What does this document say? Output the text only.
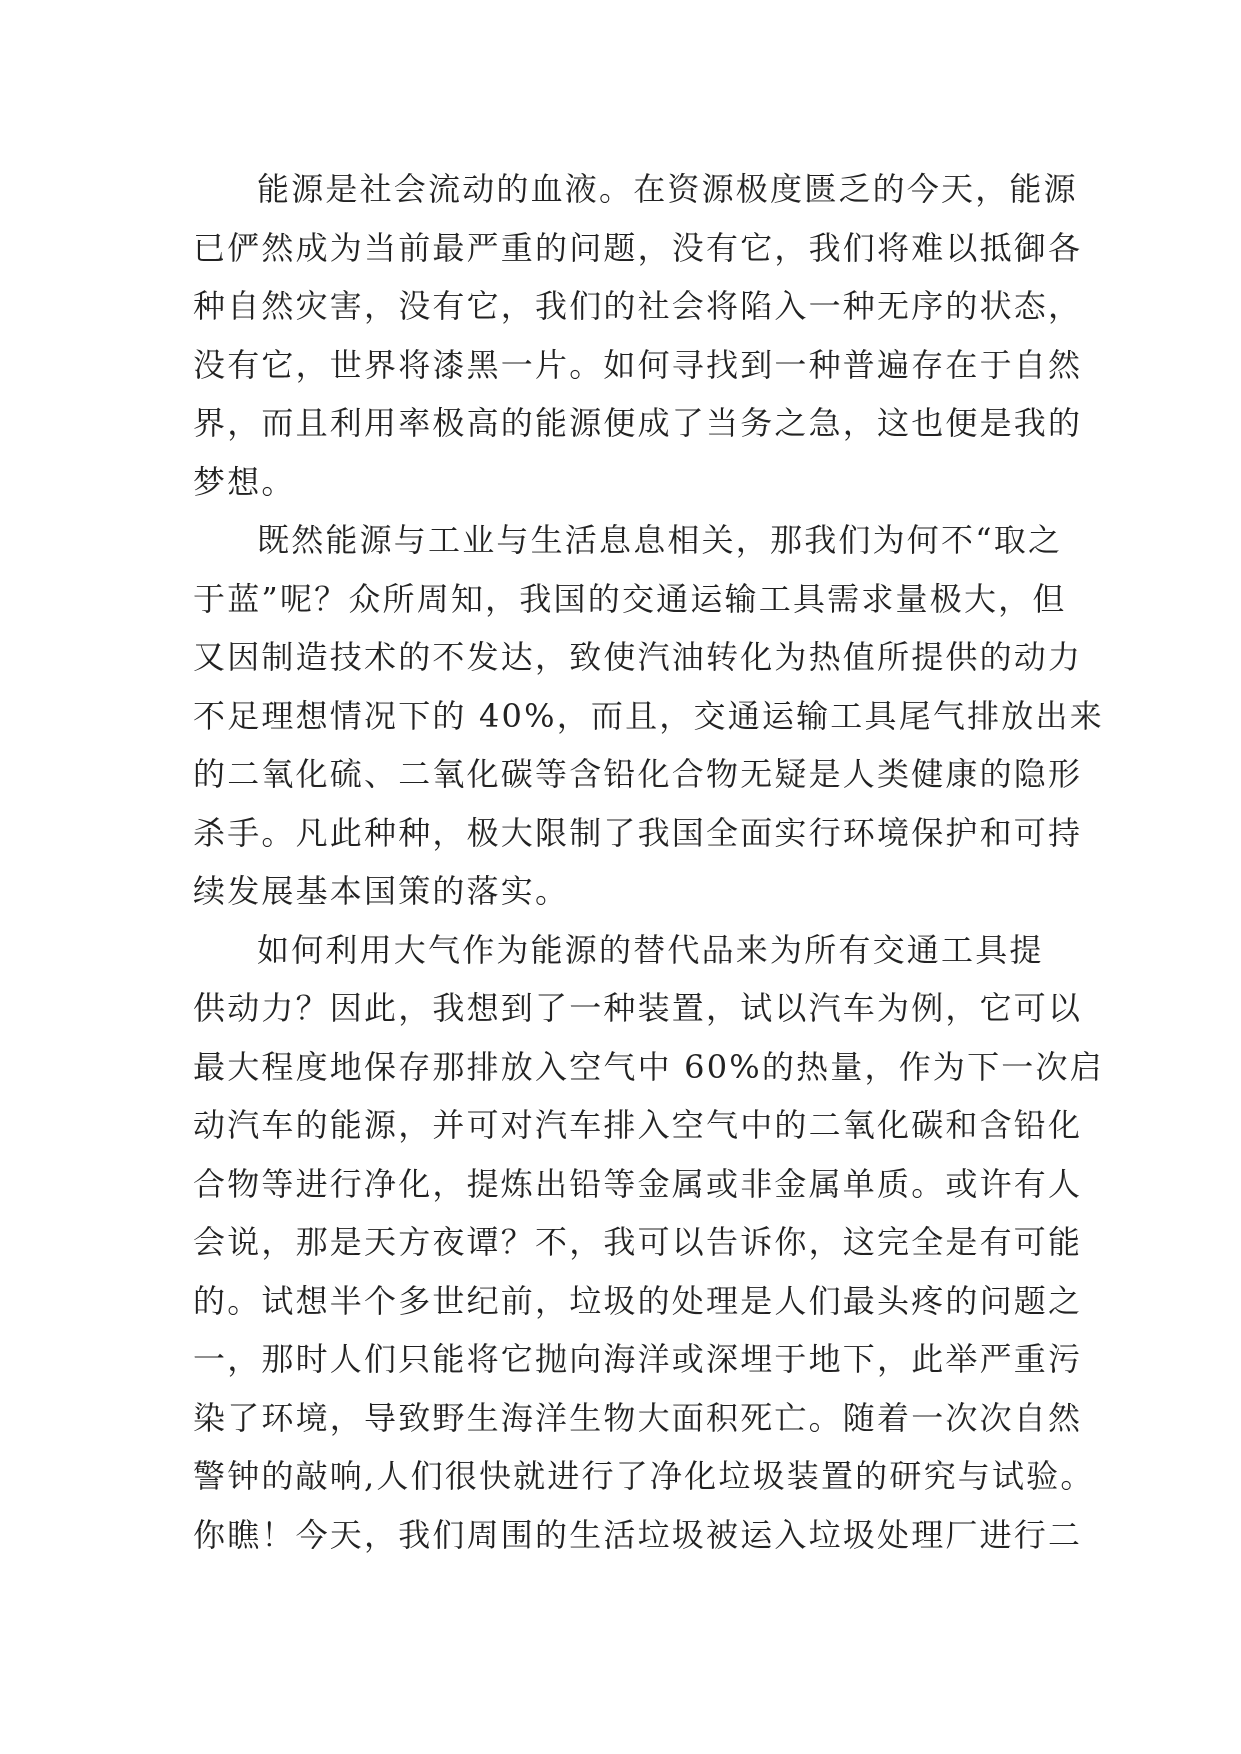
能源是社会流动的血液。在资源极度匮乏的今天，能源
已俨然成为当前最严重的问题，没有它，我们将难以抵御各
种自然灾害，没有它，我们的社会将陷入一种无序的状态，
没有它，世界将漆黑一片。如何寻找到一种普遍存在于自然
界，而且利用率极高的能源便成了当务之急，这也便是我的
梦想。
既然能源与工业与生活息息相关，那我们为何不“取之
于蓝”呢？众所周知，我国的交通运输工具需求量极大，但
又因制造技术的不发达，致使汽油转化为热值所提供的动力
不足理想情况下的 40%，而且，交通运输工具尾气排放出来
的二氧化硫、二氧化碳等含铅化合物无疑是人类健康的隐形
杀手。凡此种种，极大限制了我国全面实行环境保护和可持
续发展基本国策的落实。
如何利用大气作为能源的替代品来为所有交通工具提
供动力？因此，我想到了一种装置，试以汽车为例，它可以
最大程度地保存那排放入空气中 60%的热量，作为下一次启
动汽车的能源，并可对汽车排入空气中的二氧化碳和含铅化
合物等进行净化，提炼出铅等金属或非金属单质。或许有人
会说，那是天方夜谭？不，我可以告诉你，这完全是有可能
的。试想半个多世纪前，垃圾的处理是人们最头疼的问题之
一，那时人们只能将它抛向海洋或深埋于地下，此举严重污
染了环境，导致野生海洋生物大面积死亡。随着一次次自然
警钟的敲响,人们很快就进行了净化垃圾装置的研究与试验。
你瞧！今天，我们周围的生活垃圾被运入垃圾处理厂进行二
